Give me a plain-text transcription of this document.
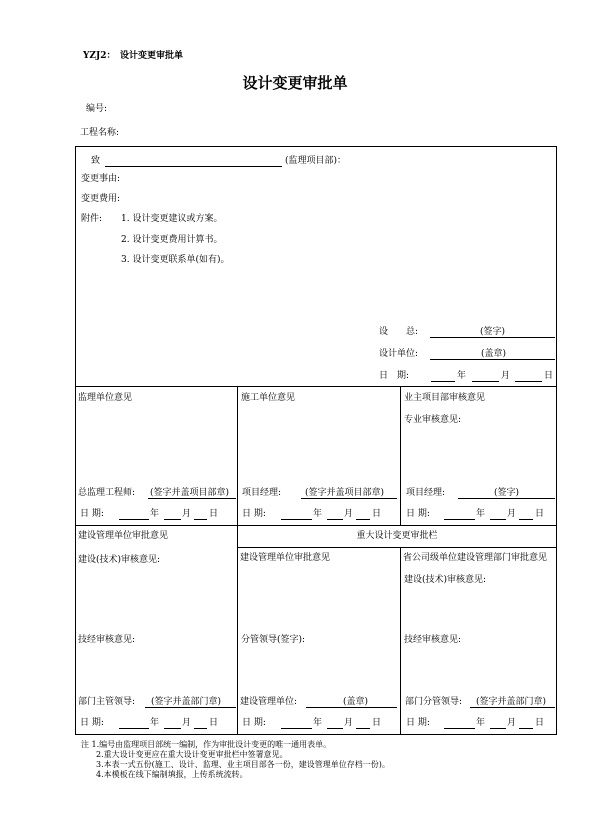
YZJ2： 设计变更审批单
设计变更审批单
编号:
工程名称:
致	(监理项目部)：
变更事由:
变更费用:
附件: 1. 设计变更建议或方案。
2. 设计变更费用计算书。
3. 设计变更联系单(如有)。
设　　总:	(签字)
设计单位:	(盖章)
日　期:	年	月	日
监理单位意见
总监理工程师: (签字并盖项目部章)
日 期:	年	月 日
施工单位意见
项目经理:	(签字并盖项目部章)
日 期:	年 月 日
业主项目部审核意见
专业审核意见:
项目经理:	(签字)
日 期:	年 月 日
建设管理单位审批意见
建设(技术)审核意见:
技经审核意见:
部门主管领导: (签字并盖部门章)
日 期:	年	月 日
重大设计变更审批栏
建设管理单位审批意见
分管领导(签字):
建设管理单位:	(盖章)
日 期:	年 月 日
省公司级单位建设管理部门审批意见
建设(技术)审核意见:
技经审核意见:
部门分管领导: (签字并盖部门章)
日 期:	年 月 日
注 1.编号由监理项目部统一编制，作为审批设计变更的唯一通用表单。
2.重大设计变更应在重大设计变更审批栏中签署意见。
3.本表一式五份(施工、设计、监理、业主项目部各一份，建设管理单位存档一份)。
4.本模板在线下编制填报，上传系统流转。
